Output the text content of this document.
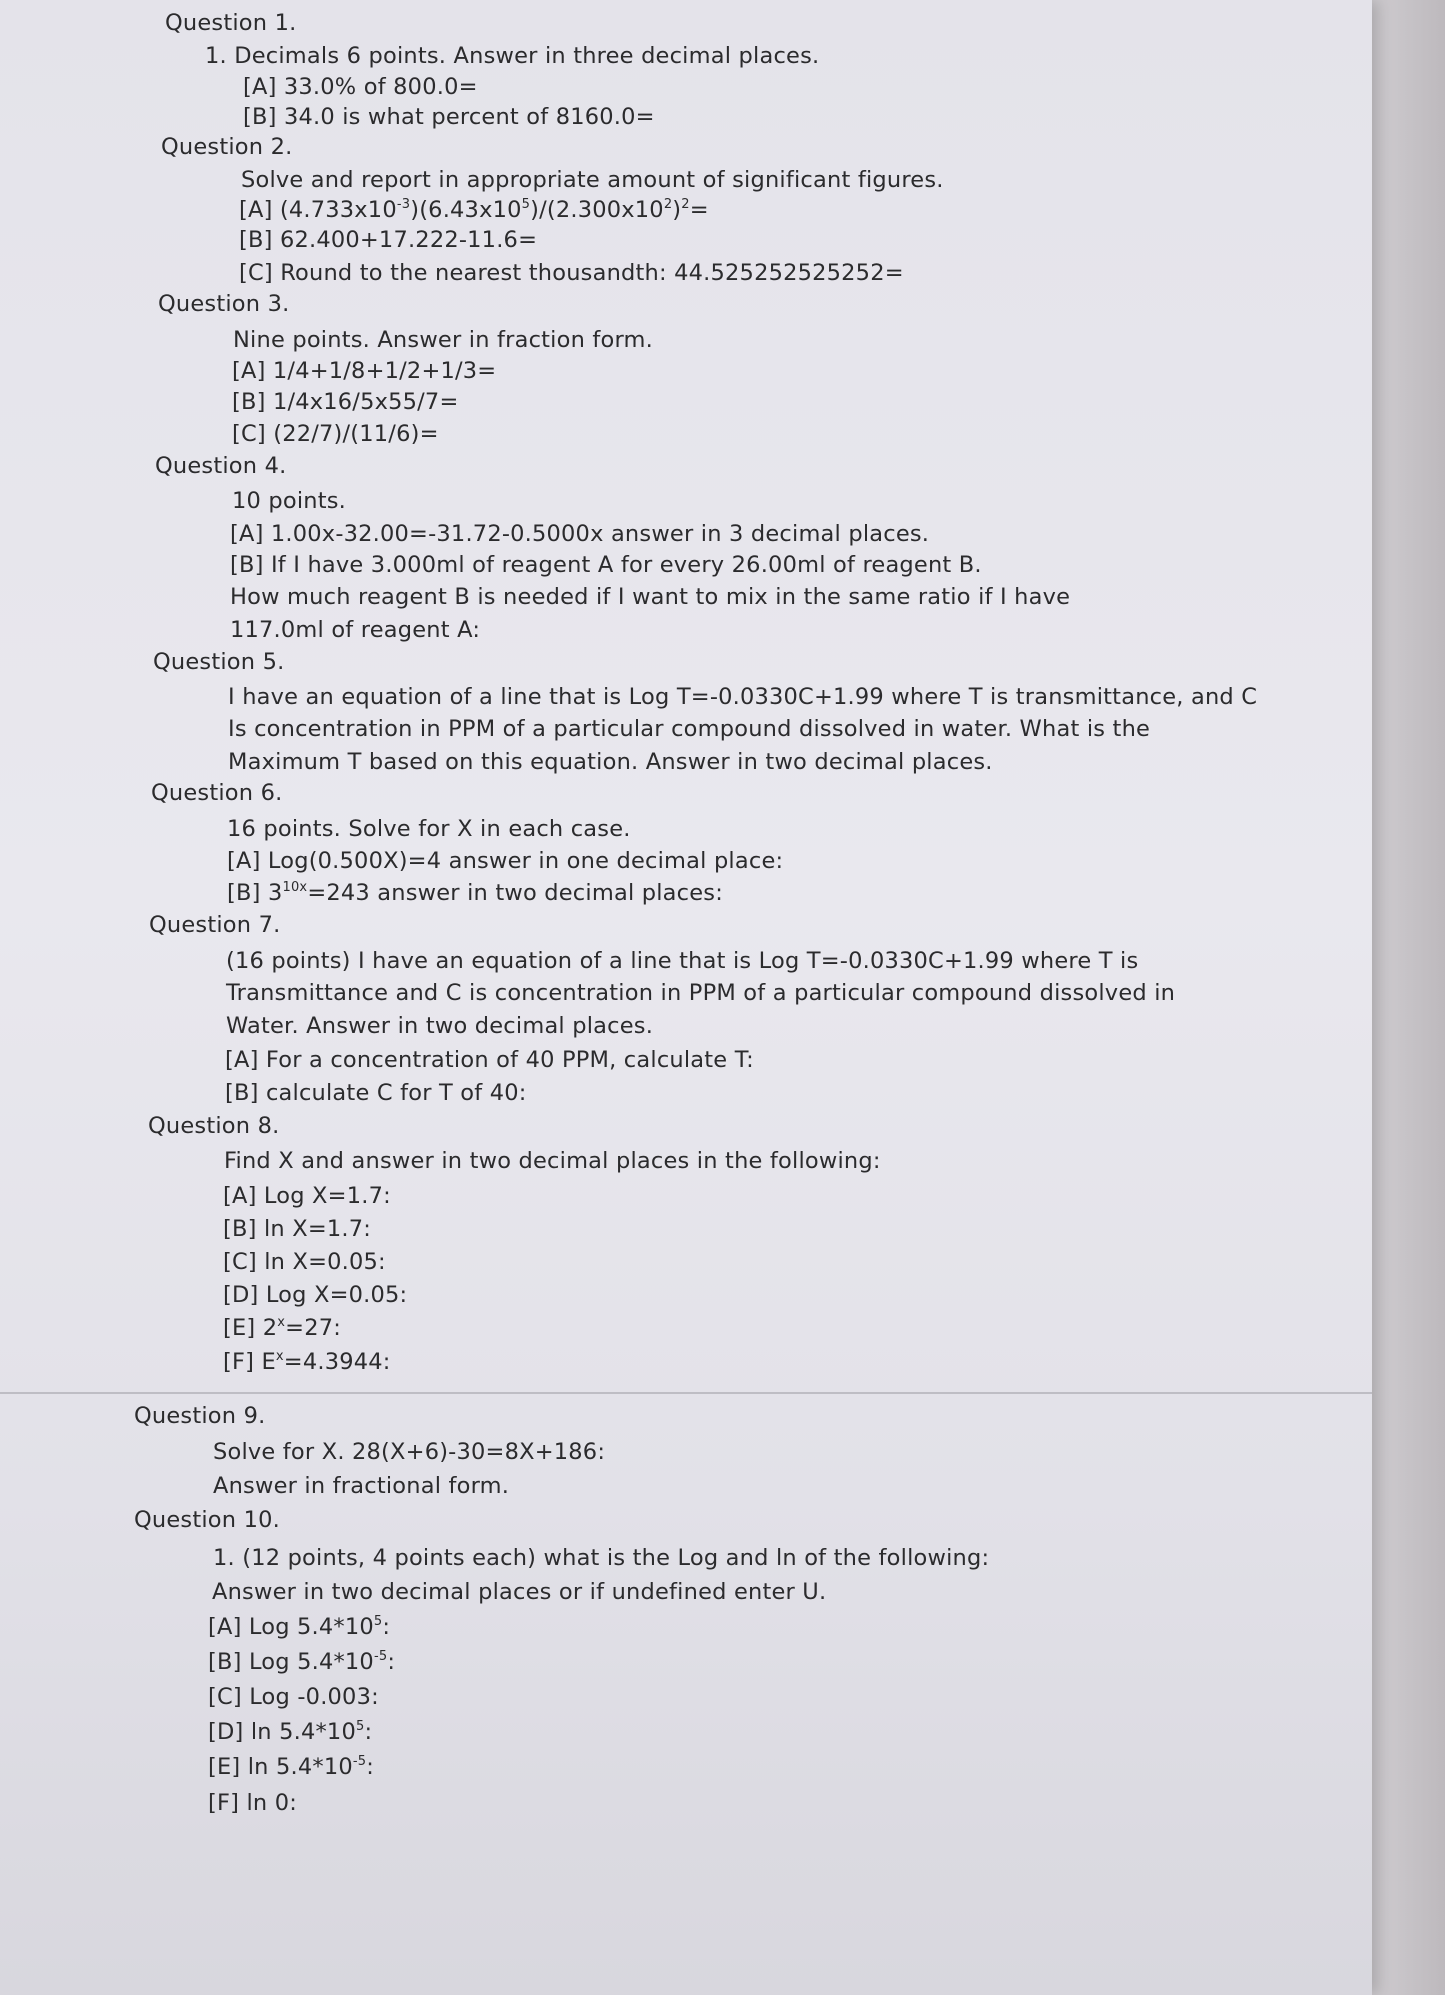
Question 1.
1. Decimals 6 points. Answer in three decimal places.
[A] 33.0% of 800.0=
[B] 34.0 is what percent of 8160.0=
Question 2.
Solve and report in appropriate amount of significant figures.
[A] $(4.733x10^{-3})(6.43x10^5)/(2.300x10^2)^2=$
[B] 62.400+17.222-11.6=
[C] Round to the nearest thousandth: 44.525252525252=
Question 3.
Nine points. Answer in fraction form.
[A] 1/4+1/8+1/2+1/3=
[B] 1/4x16/5x55/7=
[C] (22/7)/(11/6)=
Question 4.
10 points.
[A] 1.00x-32.00=-31.72-0.5000x answer in 3 decimal places.
[B] If I have 3.000ml of reagent A for every 26.00ml of reagent B.
How much reagent B is needed if I want to mix in the same ratio if I have
117.0ml of reagent A:
Question 5.
I have an equation of a line that is Log T=-0.0330C+1.99 where T is transmittance, and C
Is concentration in PPM of a particular compound dissolved in water. What is the
Maximum T based on this equation. Answer in two decimal places.
Question 6.
16 points. Solve for X in each case.
[A] Log(0.500X)=4 answer in one decimal place:
[B] $3^{10x}=243$ answer in two decimal places:
Question 7.
(16 points) I have an equation of a line that is Log T=-0.0330C+1.99 where T is
Transmittance and C is concentration in PPM of a particular compound dissolved in
Water. Answer in two decimal places.
[A] For a concentration of 40 PPM, calculate T:
[B] calculate C for T of 40:
Question 8.
Find X and answer in two decimal places in the following:
[A] Log X=1.7:
[B] ln X=1.7:
[C] ln X=0.05:
[D] Log X=0.05:
[E] $2^x=27$:
[F] $E^x=4.3944$:
Question 9.
Solve for X. 28(X+6)-30=8X+186:
Answer in fractional form.
Question 10.
1. (12 points, 4 points each) what is the Log and ln of the following:
Answer in two decimal places or if undefined enter U.
[A] Log $5.4*10^5$:
[B] Log $5.4*10^{-5}$:
[C] Log -0.003:
[D] $\ln 5.4*10^5$:
[E] $\ln 5.4*10^{-5}$:
[F] ln 0:
